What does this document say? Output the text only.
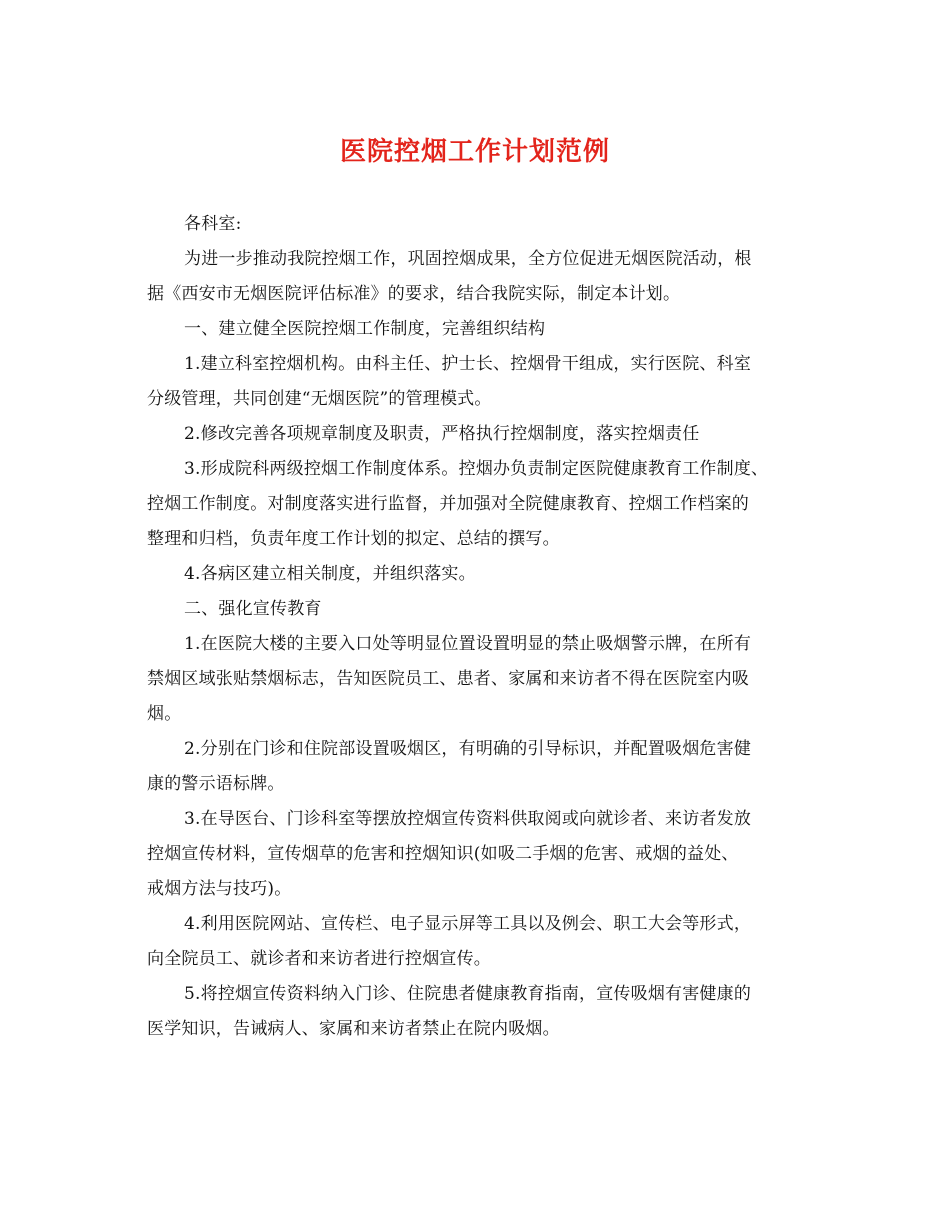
医院控烟工作计划范例
各科室:
为进一步推动我院控烟工作，巩固控烟成果，全方位促进无烟医院活动，根
据《西安市无烟医院评估标准》的要求，结合我院实际，制定本计划。
一、建立健全医院控烟工作制度，完善组织结构
1.建立科室控烟机构。由科主任、护士长、控烟骨干组成，实行医院、科室
分级管理，共同创建“无烟医院”的管理模式。
2.修改完善各项规章制度及职责，严格执行控烟制度，落实控烟责任
3.形成院科两级控烟工作制度体系。控烟办负责制定医院健康教育工作制度、
控烟工作制度。对制度落实进行监督，并加强对全院健康教育、控烟工作档案的
整理和归档，负责年度工作计划的拟定、总结的撰写。
4.各病区建立相关制度，并组织落实。
二、强化宣传教育
1.在医院大楼的主要入口处等明显位置设置明显的禁止吸烟警示牌，在所有
禁烟区域张贴禁烟标志，告知医院员工、患者、家属和来访者不得在医院室内吸
烟。
2.分别在门诊和住院部设置吸烟区，有明确的引导标识，并配置吸烟危害健
康的警示语标牌。
3.在导医台、门诊科室等摆放控烟宣传资料供取阅或向就诊者、来访者发放
控烟宣传材料，宣传烟草的危害和控烟知识(如吸二手烟的危害、戒烟的益处、
戒烟方法与技巧)。
4.利用医院网站、宣传栏、电子显示屏等工具以及例会、职工大会等形式，
向全院员工、就诊者和来访者进行控烟宣传。
5.将控烟宣传资料纳入门诊、住院患者健康教育指南，宣传吸烟有害健康的
医学知识，告诫病人、家属和来访者禁止在院内吸烟。
